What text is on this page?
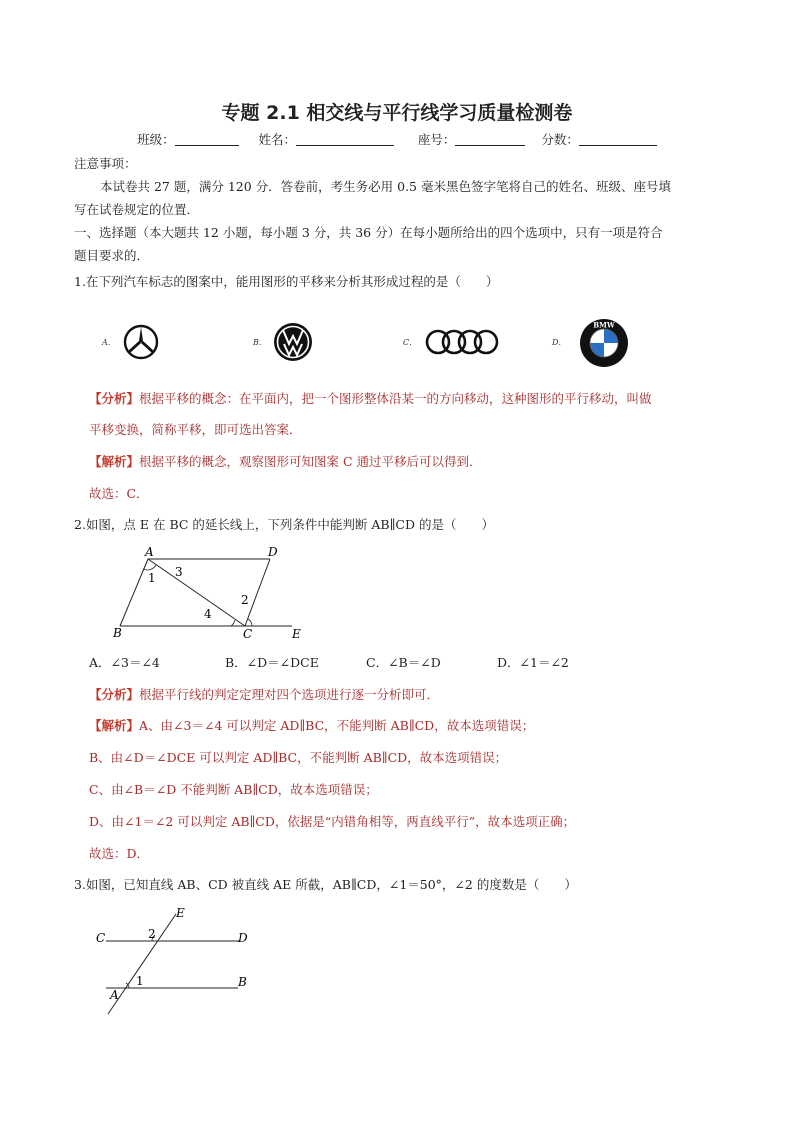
专题 2.1 相交线与平行线学习质量检测卷
班级：	姓名：	座号：	分数：
注意事项：
本试卷共 27 题，满分 120 分．答卷前，考生务必用 0.5 毫米黑色签字笔将自己的姓名、班级、座号填
写在试卷规定的位置．
一、选择题（本大题共 12 小题，每小题 3 分，共 36 分）在每小题所给出的四个选项中，只有一项是符合
题目要求的．
1.在下列汽车标志的图案中，能用图形的平移来分析其形成过程的是（　　）
A．	B．	C．	D．
BMW
【分析】根据平移的概念：在平面内，把一个图形整体沿某一的方向移动，这种图形的平行移动，叫做
平移变换，简称平移，即可选出答案．
【解析】根据平移的概念，观察图形可知图案 C 通过平移后可以得到．
故选：C．
2.如图，点 E 在 BC 的延长线上，下列条件中能判断 AB∥CD 的是（　　）
A	D
1 3
2
4
B	C	E
A．∠3＝∠4	B．∠D＝∠DCE	C．∠B＝∠D	D．∠1＝∠2
【分析】根据平行线的判定定理对四个选项进行逐一分析即可．
【解析】A、由∠3＝∠4 可以判定 AD∥BC，不能判断 AB∥CD，故本选项错误；
B、由∠D＝∠DCE 可以判定 AD∥BC，不能判断 AB∥CD，故本选项错误；
C、由∠B＝∠D 不能判断 AB∥CD，故本选项错误；
D、由∠1＝∠2 可以判定 AB∥CD，依据是“内错角相等，两直线平行”，故本选项正确；
故选：D．
3.如图，已知直线 AB、CD 被直线 AE 所截，AB∥CD，∠1＝50°，∠2 的度数是（　　）
E
C	2	D
1	B
A
